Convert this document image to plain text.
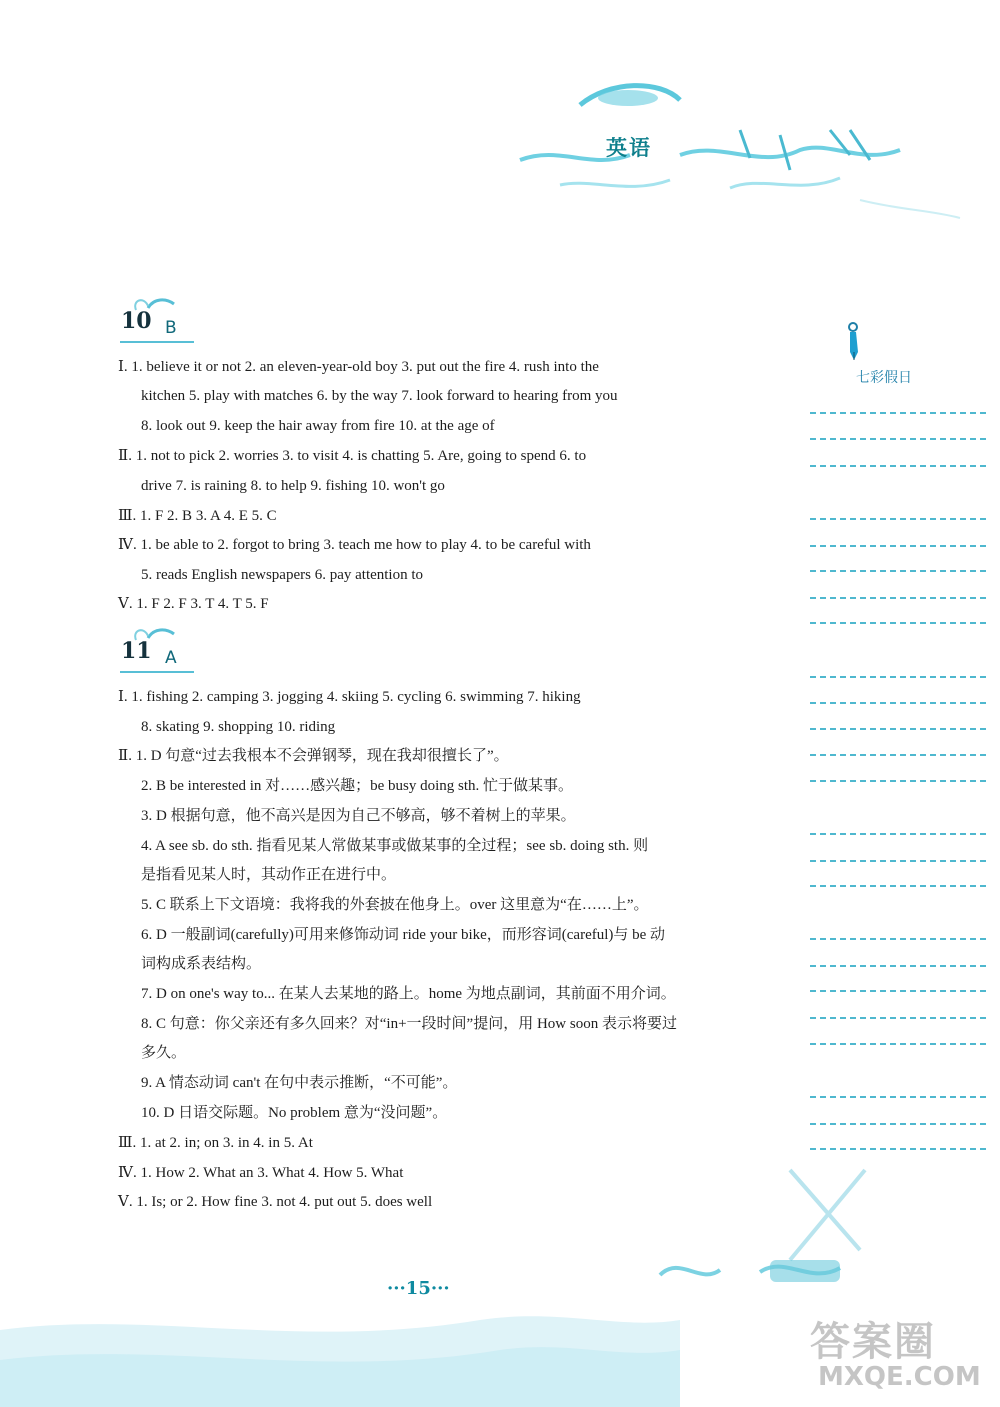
英语
10 B
Ⅰ. 1. believe it or not 2. an eleven-year-old boy 3. put out the fire 4. rush into the
kitchen 5. play with matches 6. by the way 7. look forward to hearing from you
8. look out 9. keep the hair away from fire 10. at the age of
Ⅱ. 1. not to pick 2. worries 3. to visit 4. is chatting 5. Are, going to spend 6. to
drive 7. is raining 8. to help 9. fishing 10. won't go
Ⅲ. 1. F 2. B 3. A 4. E 5. C
Ⅳ. 1. be able to 2. forgot to bring 3. teach me how to play 4. to be careful with
5. reads English newspapers 6. pay attention to
Ⅴ. 1. F 2. F 3. T 4. T 5. F
11 A
Ⅰ. 1. fishing 2. camping 3. jogging 4. skiing 5. cycling 6. swimming 7. hiking
8. skating 9. shopping 10. riding
Ⅱ. 1. D 句意“过去我根本不会弹钢琴，现在我却很擅长了”。
2. B be interested in 对……感兴趣；be busy doing sth. 忙于做某事。
3. D 根据句意，他不高兴是因为自己不够高，够不着树上的苹果。
4. A see sb. do sth. 指看见某人常做某事或做某事的全过程；see sb. doing sth. 则
是指看见某人时，其动作正在进行中。
5. C 联系上下文语境：我将我的外套披在他身上。over 这里意为“在……上”。
6. D 一般副词(carefully)可用来修饰动词 ride your bike，而形容词(careful)与 be 动
词构成系表结构。
7. D on one's way to... 在某人去某地的路上。home 为地点副词，其前面不用介词。
8. C 句意：你父亲还有多久回来？对“in+一段时间”提问，用 How soon 表示将要过
多久。
9. A 情态动词 can't 在句中表示推断，“不可能”。
10. D 日语交际题。No problem 意为“没问题”。
Ⅲ. 1. at 2. in; on 3. in 4. in 5. At
Ⅳ. 1. How 2. What an 3. What 4. How 5. What
Ⅴ. 1. Is; or 2. How fine 3. not 4. put out 5. does well
七彩假日
···15···
答案圈
MXQE.COM
